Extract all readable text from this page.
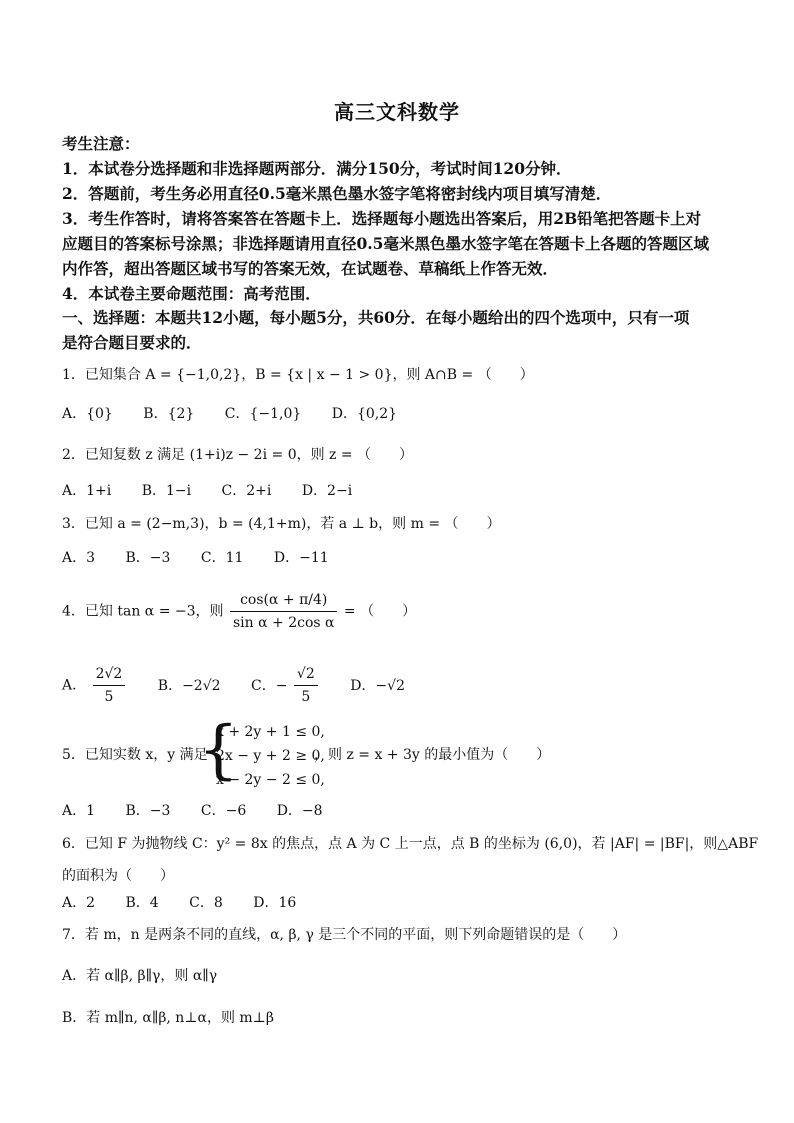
高三文科数学
考生注意：
1．本试卷分选择题和非选择题两部分．满分150分，考试时间120分钟．
2．答题前，考生务必用直径0.5毫米黑色墨水签字笔将密封线内项目填写清楚．
3．考生作答时，请将答案答在答题卡上．选择题每小题选出答案后，用2B铅笔把答题卡上对
应题目的答案标号涂黑；非选择题请用直径0.5毫米黑色墨水签字笔在答题卡上各题的答题区域
内作答，超出答题区域书写的答案无效，在试题卷、草稿纸上作答无效．
4．本试卷主要命题范围：高考范围．
一、选择题：本题共12小题，每小题5分，共60分．在每小题给出的四个选项中，只有一项
是符合题目要求的．
1．已知集合 A = {−1,0,2}，B = {x | x − 1 > 0}，则 A∩B = （　　）
A．{0} B．{2} C．{−1,0} D．{0,2}
2．已知复数 z 满足 (1+i)z − 2i = 0，则 z = （　　）
A．1+i B．1−i C．2+i D．2−i
3．已知 a = (2−m,3)，b = (4,1+m)，若 a ⊥ b，则 m = （　　）
A．3 B．−3 C．11 D．−11
4．已知 tan α = −3，则 $\frac{\cos(\alpha + \pi/4)}{\text{sin α + 2cos α}}$ = （　　）
A． $\frac{2√2}{5}$ B．−2√2 C．− $\frac{√2}{5}$ D．−√2
5．已知实数 x，y 满足
{
x + 2y + 1 ≤ 0,
2x − y + 2 ≥ 0,
x − 2y − 2 ≤ 0,
，则 z = x + 3y 的最小值为（　　）
A．1 B．−3 C．−6 D．−8
6．已知 F 为抛物线 C：y² = 8x 的焦点，点 A 为 C 上一点，点 B 的坐标为 (6,0)，若 |AF| = |BF|，则△ABF
的面积为（　　）
A．2 B．4 C．8 D．16
7．若 m，n 是两条不同的直线，α, β, γ 是三个不同的平面，则下列命题错误的是（　　）
A．若 α∥β, β∥γ，则 α∥γ
B．若 m∥n, α∥β, n⊥α，则 m⊥β
